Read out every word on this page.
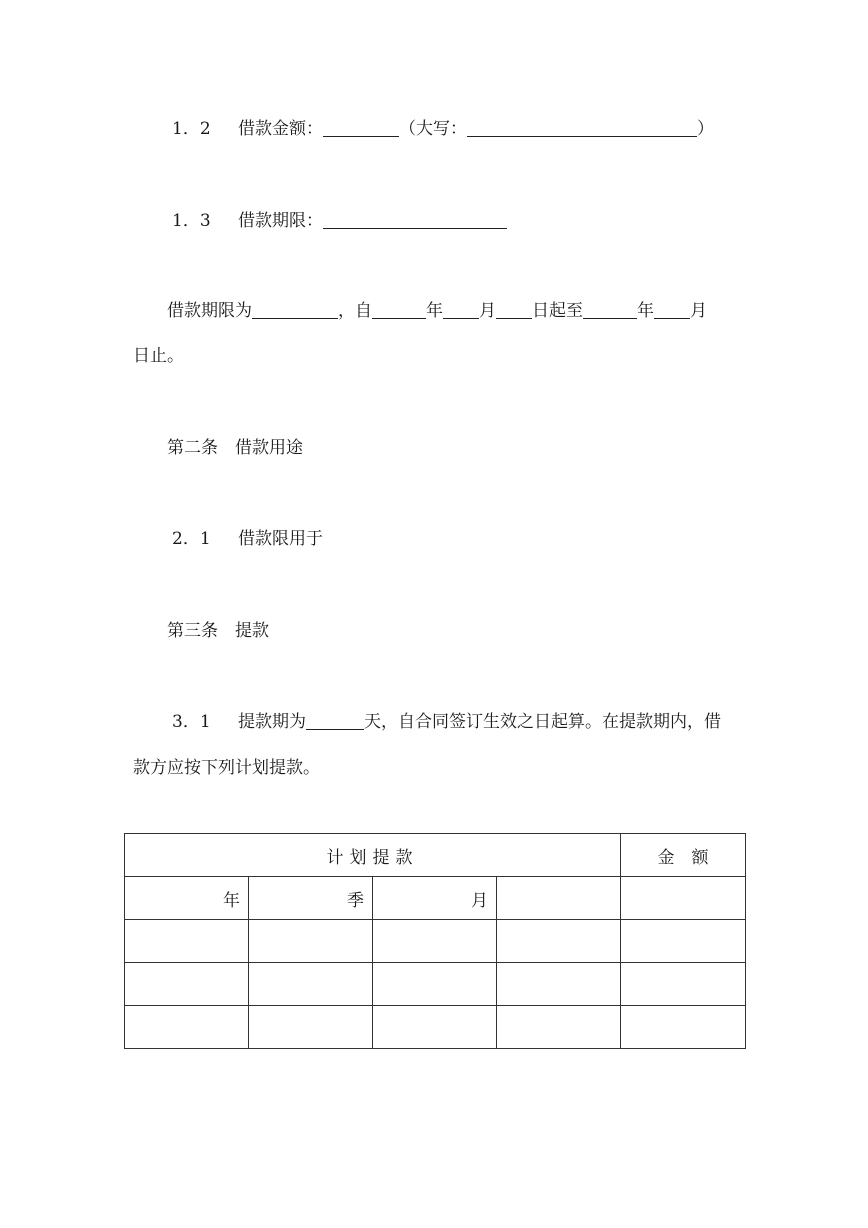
1．2 借款金额：	（大写：	）
1．3 借款期限：
借款期限为	，自	年 月 日起至	年 月
日止。
第二条 借款用途
2．1 借款限用于
第三条 提款
3．1 提款期为	天，自合同签订生效之日起算。在提款期内，借
款方应按下列计划提款。
计划提款				金　额
年	季	月		
